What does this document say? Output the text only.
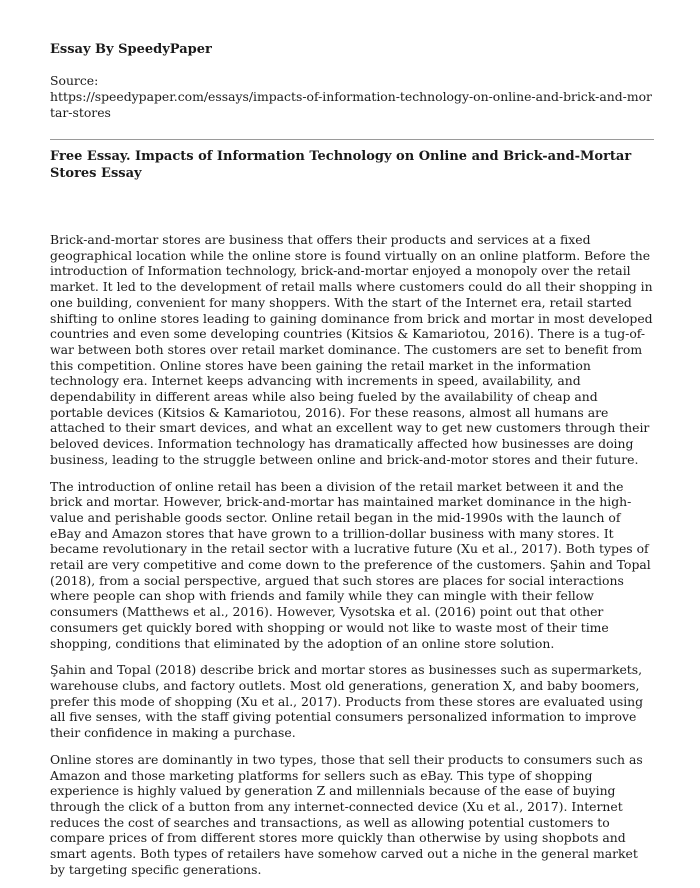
Essay By SpeedyPaper
Source:
https://speedypaper.com/essays/impacts-of-information-technology-on-online-and-brick-and-mortar-stores
Free Essay. Impacts of Information Technology on Online and Brick-and-Mortar Stores Essay

Brick-and-mortar stores are business that offers their products and services at a fixed geographical location while the online store is found virtually on an online platform. Before the introduction of Information technology, brick-and-mortar enjoyed a monopoly over the retail market. It led to the development of retail malls where customers could do all their shopping in one building, convenient for many shoppers. With the start of the Internet era, retail started shifting to online stores leading to gaining dominance from brick and mortar in most developed countries and even some developing countries (Kitsios & Kamariotou, 2016). There is a tug-of-war between both stores over retail market dominance. The customers are set to benefit from this competition. Online stores have been gaining the retail market in the information technology era. Internet keeps advancing with increments in speed, availability, and dependability in different areas while also being fueled by the availability of cheap and portable devices (Kitsios & Kamariotou, 2016). For these reasons, almost all humans are attached to their smart devices, and what an excellent way to get new customers through their beloved devices. Information technology has dramatically affected how businesses are doing business, leading to the struggle between online and brick-and-motor stores and their future.

The introduction of online retail has been a division of the retail market between it and the brick and mortar. However, brick-and-mortar has maintained market dominance in the high-value and perishable goods sector. Online retail began in the mid-1990s with the launch of eBay and Amazon stores that have grown to a trillion-dollar business with many stores. It became revolutionary in the retail sector with a lucrative future (Xu et al., 2017). Both types of retail are very competitive and come down to the preference of the customers. Şahin and Topal (2018), from a social perspective, argued that such stores are places for social interactions where people can shop with friends and family while they can mingle with their fellow consumers (Matthews et al., 2016). However, Vysotska et al. (2016) point out that other consumers get quickly bored with shopping or would not like to waste most of their time shopping, conditions that eliminated by the adoption of an online store solution.

Şahin and Topal (2018) describe brick and mortar stores as businesses such as supermarkets, warehouse clubs, and factory outlets. Most old generations, generation X, and baby boomers, prefer this mode of shopping (Xu et al., 2017). Products from these stores are evaluated using all five senses, with the staff giving potential consumers personalized information to improve their confidence in making a purchase.

Online stores are dominantly in two types, those that sell their products to consumers such as Amazon and those marketing platforms for sellers such as eBay. This type of shopping experience is highly valued by generation Z and millennials because of the ease of buying through the click of a button from any internet-connected device (Xu et al., 2017). Internet reduces the cost of searches and transactions, as well as allowing potential customers to compare prices of from different stores more quickly than otherwise by using shopbots and smart agents. Both types of retailers have somehow carved out a niche in the general market by targeting specific generations.
